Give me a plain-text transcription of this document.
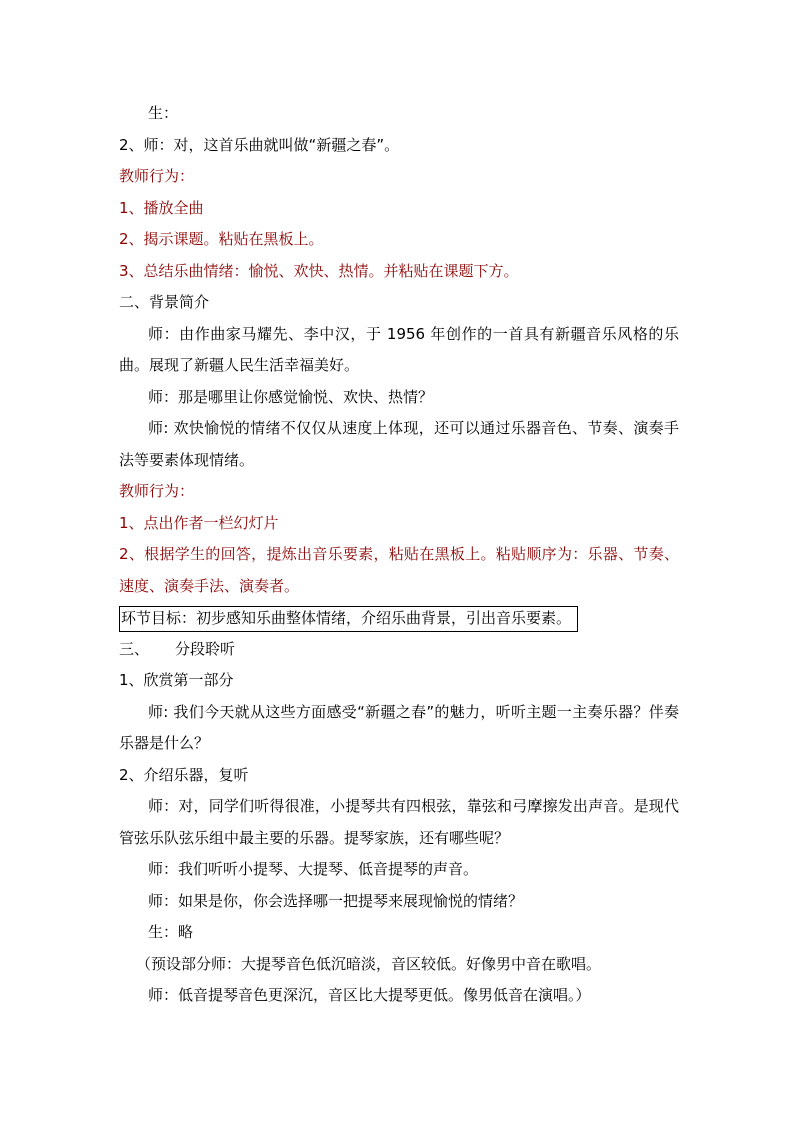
生：
2、师：对，这首乐曲就叫做“新疆之春”。
教师行为：
1、播放全曲
2、揭示课题。粘贴在黑板上。
3、总结乐曲情绪：愉悦、欢快、热情。并粘贴在课题下方。
二、背景简介
师：由作曲家马耀先、李中汉，于 1956 年创作的一首具有新疆音乐风格的乐曲。展现了新疆人民生活幸福美好。
师：那是哪里让你感觉愉悦、欢快、热情？
师: 欢快愉悦的情绪不仅仅从速度上体现，还可以通过乐器音色、节奏、演奏手法等要素体现情绪。
教师行为：
1、点出作者一栏幻灯片
2、根据学生的回答，提炼出音乐要素，粘贴在黑板上。粘贴顺序为：乐器、节奏、速度、演奏手法、演奏者。
环节目标：初步感知乐曲整体情绪，介绍乐曲背景，引出音乐要素。
三、 分段聆听
1、欣赏第一部分
师: 我们今天就从这些方面感受“新疆之春”的魅力，听听主题一主奏乐器？伴奏乐器是什么？
2、介绍乐器，复听
师：对，同学们听得很准，小提琴共有四根弦，靠弦和弓摩擦发出声音。是现代管弦乐队弦乐组中最主要的乐器。提琴家族，还有哪些呢？
师：我们听听小提琴、大提琴、低音提琴的声音。
师：如果是你，你会选择哪一把提琴来展现愉悦的情绪？
生：略
（预设部分师：大提琴音色低沉暗淡，音区较低。好像男中音在歌唱。
师：低音提琴音色更深沉，音区比大提琴更低。像男低音在演唱。）
